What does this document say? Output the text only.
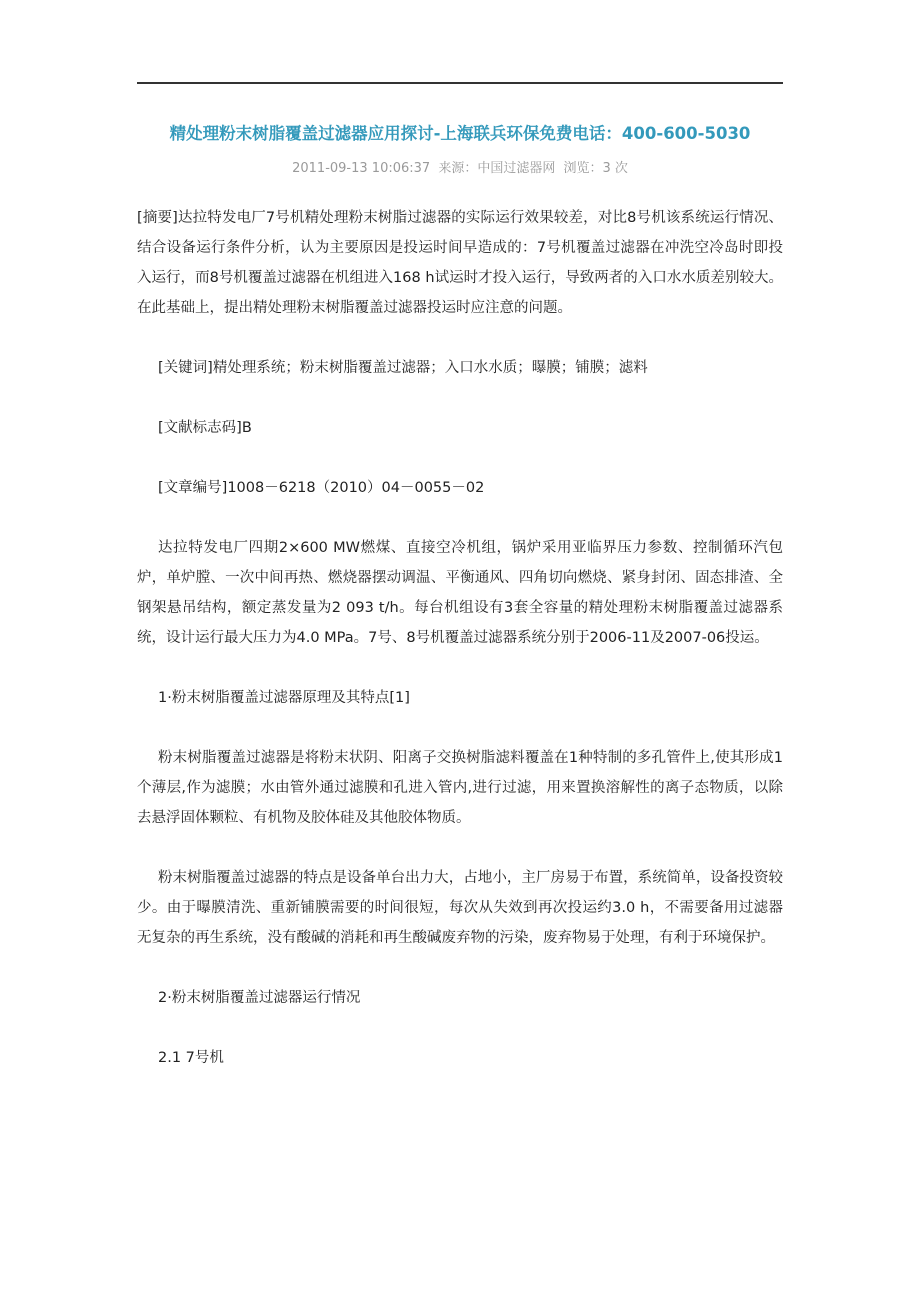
精处理粉末树脂覆盖过滤器应用探讨-上海联兵环保免费电话：400-600-5030
2011-09-13 10:06:37 来源：中国过滤器网 浏览：3 次

[摘要]达拉特发电厂7号机精处理粉末树脂过滤器的实际运行效果较差，对比8号机该系统运行情况、结合设备运行条件分析，认为主要原因是投运时间早造成的：7号机覆盖过滤器在冲洗空冷岛时即投入运行，而8号机覆盖过滤器在机组进入168 h试运时才投入运行，导致两者的入口水水质差别较大。在此基础上，提出精处理粉末树脂覆盖过滤器投运时应注意的问题。

[关键词]精处理系统；粉末树脂覆盖过滤器；入口水水质；曝膜；铺膜；滤料

[文献标志码]B

[文章编号]1008－6218（2010）04－0055－02

达拉特发电厂四期2×600 MW燃煤、直接空冷机组，锅炉采用亚临界压力参数、控制循环汽包炉，单炉膛、一次中间再热、燃烧器摆动调温、平衡通风、四角切向燃烧、紧身封闭、固态排渣、全钢架悬吊结构，额定蒸发量为2 093 t/h。每台机组设有3套全容量的精处理粉末树脂覆盖过滤器系统，设计运行最大压力为4.0 MPa。7号、8号机覆盖过滤器系统分别于2006-11及2007-06投运。

1·粉末树脂覆盖过滤器原理及其特点[1]

粉末树脂覆盖过滤器是将粉末状阴、阳离子交换树脂滤料覆盖在1种特制的多孔管件上,使其形成1个薄层,作为滤膜；水由管外通过滤膜和孔进入管内,进行过滤，用来置换溶解性的离子态物质，以除去悬浮固体颗粒、有机物及胶体硅及其他胶体物质。

粉末树脂覆盖过滤器的特点是设备单台出力大，占地小，主厂房易于布置，系统简单，设备投资较少。由于曝膜清洗、重新铺膜需要的时间很短，每次从失效到再次投运约3.0 h，不需要备用过滤器 无复杂的再生系统，没有酸碱的消耗和再生酸碱废弃物的污染，废弃物易于处理，有利于环境保护。

2·粉末树脂覆盖过滤器运行情况

2.1 7号机
